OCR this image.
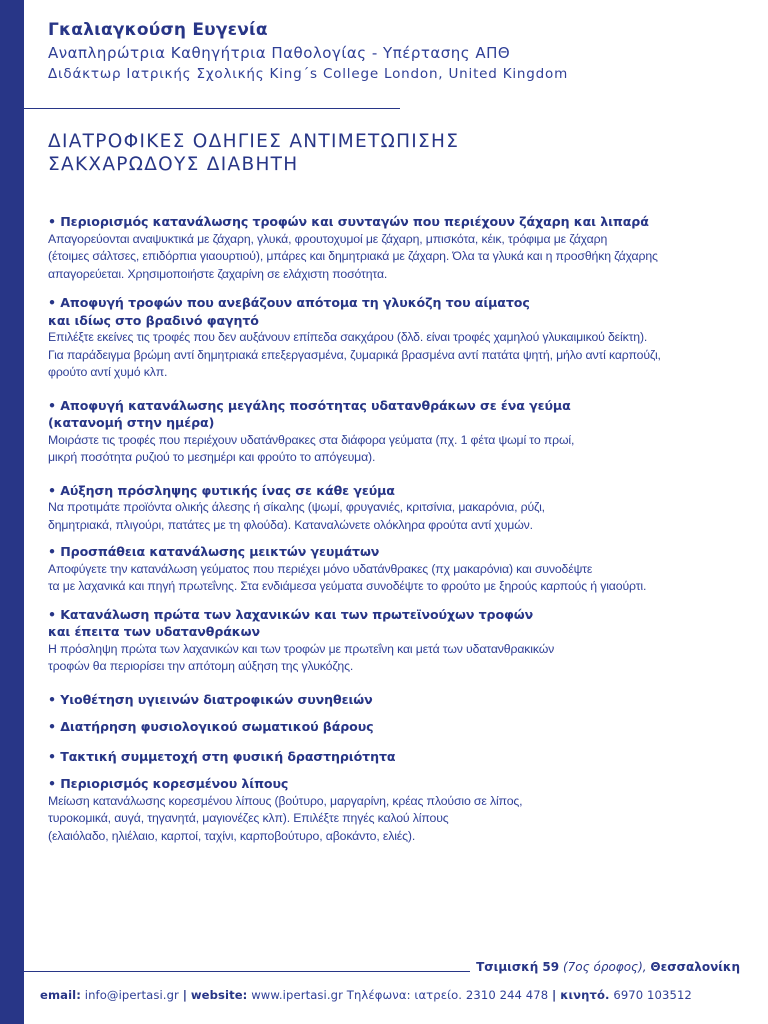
Γκαλιαγκούση Ευγενία
Αναπληρώτρια Καθηγήτρια Παθολογίας - Υπέρτασης ΑΠΘ
Διδάκτωρ Ιατρικής Σχολικής King´s College London, United Kingdom
ΔΙΑΤΡΟΦΙΚΕΣ ΟΔΗΓΙΕΣ ΑΝΤΙΜΕΤΩΠΙΣΗΣ
ΣΑΚΧΑΡΩΔΟΥΣ ΔΙΑΒΗΤΗ
• Περιορισμός κατανάλωσης τροφών και συνταγών που περιέχουν ζάχαρη και λιπαρά
Απαγορεύονται αναψυκτικά με ζάχαρη, γλυκά, φρουτοχυμοί με ζάχαρη, μπισκότα, κέικ, τρόφιμα με ζάχαρη
(έτοιμες σάλτσες, επιδόρπια γιαουρτιού), μπάρες και δημητριακά με ζάχαρη. Όλα τα γλυκά και η προσθήκη ζάχαρης
απαγορεύεται. Χρησιμοποιήστε ζαχαρίνη σε ελάχιστη ποσότητα.
• Αποφυγή τροφών που ανεβάζουν απότομα τη γλυκόζη του αίματος
και ιδίως στο βραδινό φαγητό
Επιλέξτε εκείνες τις τροφές που δεν αυξάνουν επίπεδα σακχάρου (δλδ. είναι τροφές χαμηλού γλυκαιμικού δείκτη).
Για παράδειγμα βρώμη αντί δημητριακά επεξεργασμένα, ζυμαρικά βρασμένα αντί πατάτα ψητή, μήλο αντί καρπούζι,
φρούτο αντί χυμό κλπ.
• Αποφυγή κατανάλωσης μεγάλης ποσότητας υδατανθράκων σε ένα γεύμα
(κατανομή στην ημέρα)
Μοιράστε τις τροφές που περιέχουν υδατάνθρακες στα διάφορα γεύματα (πχ. 1 φέτα ψωμί το πρωί,
μικρή ποσότητα ρυζιού το μεσημέρι και φρούτο το απόγευμα).
• Αύξηση πρόσληψης φυτικής ίνας σε κάθε γεύμα
Να προτιμάτε προϊόντα ολικής άλεσης ή σίκαλης (ψωμί, φρυγανιές, κριτσίνια, μακαρόνια, ρύζι,
δημητριακά, πλιγούρι, πατάτες με τη φλούδα). Καταναλώνετε ολόκληρα φρούτα αντί χυμών.
• Προσπάθεια κατανάλωσης μεικτών γευμάτων
Αποφύγετε την κατανάλωση γεύματος που περιέχει μόνο υδατάνθρακες (πχ μακαρόνια) και συνοδέψτε
τα με λαχανικά και πηγή πρωτεΐνης. Στα ενδιάμεσα γεύματα συνοδέψτε το φρούτο με ξηρούς καρπούς ή γιαούρτι.
• Κατανάλωση πρώτα των λαχανικών και των πρωτεϊνούχων τροφών
και έπειτα των υδατανθράκων
Η πρόσληψη πρώτα των λαχανικών και των τροφών με πρωτεΐνη και μετά των υδατανθρακικών
τροφών θα περιορίσει την απότομη αύξηση της γλυκόζης.
• Υιοθέτηση υγιεινών διατροφικών συνηθειών
• Διατήρηση φυσιολογικού σωματικού βάρους
• Τακτική συμμετοχή στη φυσική δραστηριότητα
• Περιορισμός κορεσμένου λίπους
Μείωση κατανάλωσης κορεσμένου λίπους (βούτυρο, μαργαρίνη, κρέας πλούσιο σε λίπος,
τυροκομικά, αυγά, τηγανητά, μαγιονέζες κλπ). Επιλέξτε πηγές καλού λίπους
(ελαιόλαδο, ηλιέλαιο, καρποί, ταχίνι, καρποβούτυρο, αβοκάντο, ελιές).
Τσιμισκή 59 (7ος όροφος), Θεσσαλονίκη
email: info@ipertasi.gr | website: www.ipertasi.gr Τηλέφωνα: ιατρείο. 2310 244 478 | κινητό. 6970 103512
